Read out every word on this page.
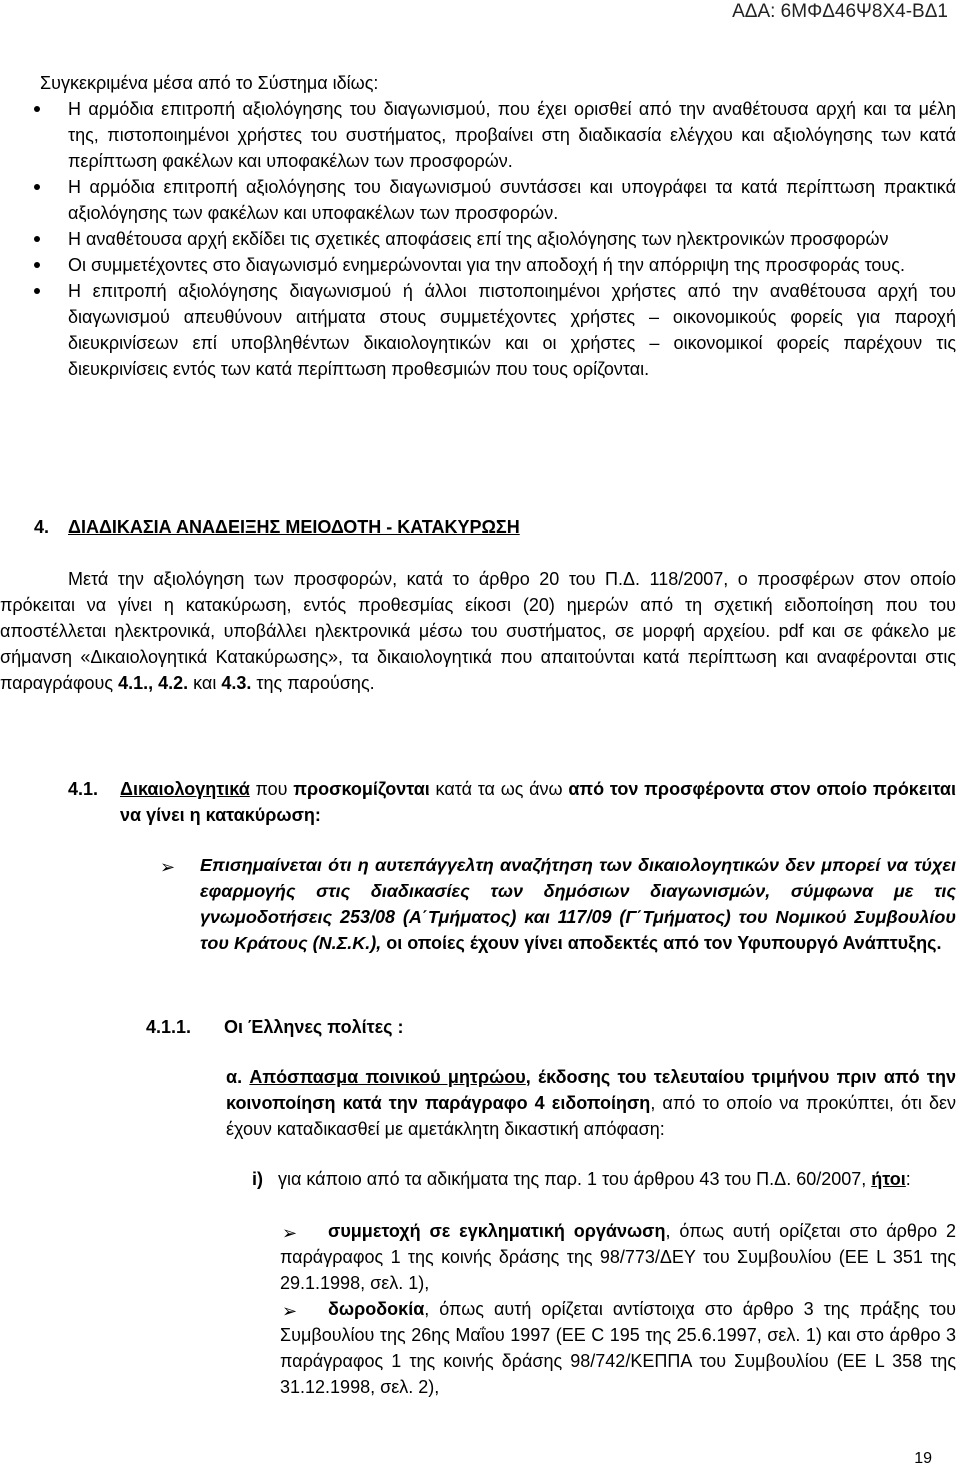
ΑΔΑ: 6ΜΦΔ46Ψ8Χ4-ΒΔ1

Συγκεκριμένα μέσα από το Σύστημα ιδίως:

Η αρμόδια επιτροπή αξιολόγησης του διαγωνισμού, που έχει ορισθεί από την αναθέτουσα αρχή και τα μέλη της, πιστοποιημένοι χρήστες του συστήματος, προβαίνει στη διαδικασία ελέγχου και αξιολόγησης των κατά περίπτωση φακέλων και υποφακέλων των προσφορών.
Η αρμόδια επιτροπή αξιολόγησης του διαγωνισμού συντάσσει και υπογράφει τα κατά περίπτωση πρακτικά αξιολόγησης των φακέλων και υποφακέλων των προσφορών.
Η αναθέτουσα αρχή εκδίδει τις σχετικές αποφάσεις επί της αξιολόγησης των ηλεκτρονικών προσφορών
Οι συμμετέχοντες στο διαγωνισμό ενημερώνονται για την αποδοχή ή την απόρριψη της προσφοράς τους.
Η επιτροπή αξιολόγησης διαγωνισμού ή άλλοι πιστοποιημένοι χρήστες από την αναθέτουσα αρχή του διαγωνισμού απευθύνουν αιτήματα στους συμμετέχοντες χρήστες – οικονομικούς φορείς για παροχή διευκρινίσεων επί υποβληθέντων δικαιολογητικών και οι χρήστες – οικονομικοί φορείς παρέχουν τις διευκρινίσεις εντός των κατά περίπτωση προθεσμιών που τους ορίζονται.
4. ΔΙΑΔΙΚΑΣΙΑ ΑΝΑΔΕΙΞΗΣ ΜΕΙΟΔΟΤΗ - ΚΑΤΑΚΥΡΩΣΗ

Μετά την αξιολόγηση των προσφορών, κατά το άρθρο 20 του Π.Δ. 118/2007, ο προσφέρων στον οποίο πρόκειται να γίνει η κατακύρωση, εντός προθεσμίας είκοσι (20) ημερών από τη σχετική ειδοποίηση που του αποστέλλεται ηλεκτρονικά, υποβάλλει ηλεκτρονικά μέσω του συστήματος, σε μορφή αρχείου. pdf και σε φάκελο με σήμανση «Δικαιολογητικά Κατακύρωσης», τα δικαιολογητικά που απαιτούνται κατά περίπτωση και αναφέρονται στις παραγράφους 4.1., 4.2. και 4.3. της παρούσης.

4.1. Δικαιολογητικά που προσκομίζονται κατά τα ως άνω από τον προσφέροντα στον οποίο πρόκειται να γίνει η κατακύρωση:

➢ Επισημαίνεται ότι η αυτεπάγγελτη αναζήτηση των δικαιολογητικών δεν μπορεί να τύχει εφαρμογής στις διαδικασίες των δημόσιων διαγωνισμών, σύμφωνα με τις γνωμοδοτήσεις 253/08 (Α΄Τμήματος) και 117/09 (Γ΄Τμήματος) του Νομικού Συμβουλίου του Κράτους (Ν.Σ.Κ.), οι οποίες έχουν γίνει αποδεκτές από τον Υφυπουργό Ανάπτυξης.

4.1.1. Οι Έλληνες πολίτες :

α. Απόσπασμα ποινικού μητρώου, έκδοσης του τελευταίου τριμήνου πριν από την κοινοποίηση κατά την παράγραφο 4 ειδοποίηση, από το οποίο να προκύπτει, ότι δεν έχουν καταδικασθεί με αμετάκλητη δικαστική απόφαση:

i) για κάποιο από τα αδικήματα της παρ. 1 του άρθρου 43 του Π.Δ. 60/2007, ήτοι:

➢	συμμετοχή σε εγκληματική οργάνωση, όπως αυτή ορίζεται στο άρθρο 2 παράγραφος 1 της κοινής δράσης της 98/773/ΔΕΥ του Συμβουλίου (ΕΕ L 351 της 29.1.1998, σελ. 1),

➢	δωροδοκία, όπως αυτή ορίζεται αντίστοιχα στο άρθρο 3 της πράξης του Συμβουλίου της 26ης Μαΐου 1997 (ΕΕ C 195 της 25.6.1997, σελ. 1) και στο άρθρο 3 παράγραφος 1 της κοινής δράσης 98/742/ΚΕΠΠΑ του Συμβουλίου (ΕΕ L 358 της 31.12.1998, σελ. 2),

19
